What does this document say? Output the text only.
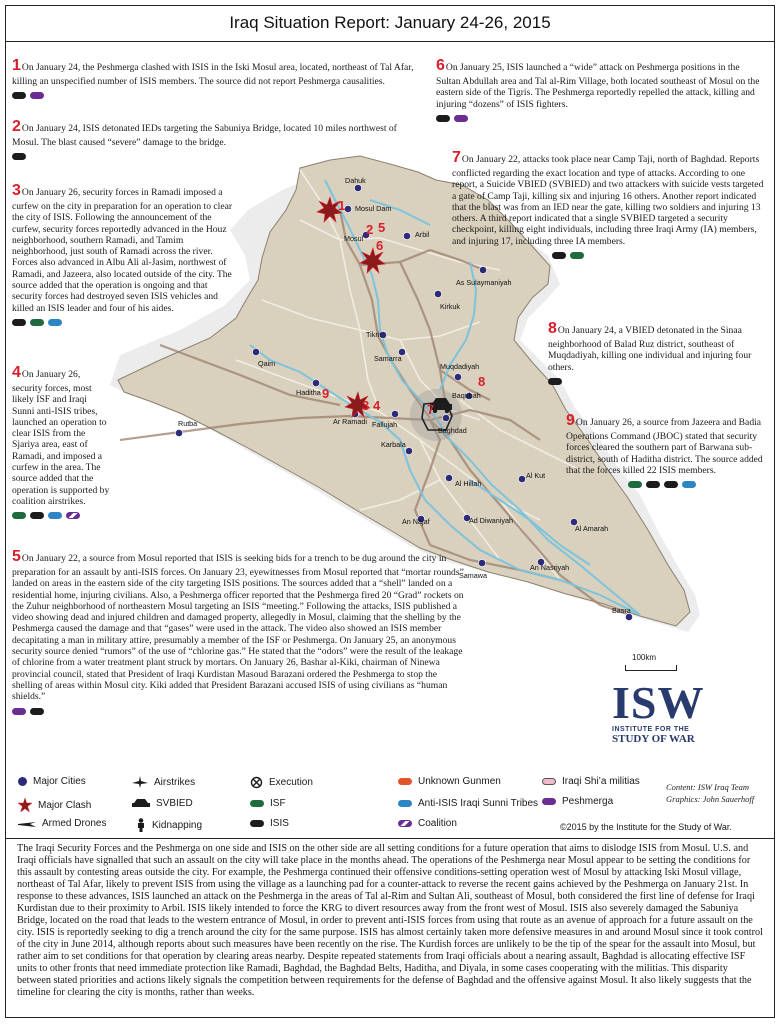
Iraq Situation Report: January 24-26, 2015
Dahuk
Mosul Dam
Mosul	Arbil
As Sulaymaniyah
Kirkuk
Tikrit
Samarra
Muqdadiyah
Baqubah
Baghdad
Fallujah
Ar Ramadi
Haditha
Qaim
Rutba
Karbala
Al Hillah
Al Kut
An Najaf	Ad Diwaniyah
Al Amarah
Samawa
An Nasriyah
Basra
1
2 5
6
3 4	7
8
9
1On January 24, the Peshmerga clashed with ISIS in the Iski Mosul area, located, northeast of Tal Afar, killing an unspecified number of ISIS members. The source did not report Peshmerga causalities.
2On January 24, ISIS detonated IEDs targeting the Sabuniya Bridge, located 10 miles northwest of Mosul. The blast caused “severe” damage to the bridge.
3On January 26, security forces in Ramadi imposed a curfew on the city in preparation for an operation to clear the city of ISIS. Following the announcement of the curfew, security forces reportedly advanced in the Houz neighborhood, southern Ramadi, and Tamim neighborhood, just south of Ramadi across the river. Forces also advanced in Albu Ali al-Jasim, northwest of Ramadi, and Jazeera, also located outside of the city. The source added that the operation is ongoing and that security forces had destroyed seven ISIS vehicles and killed an ISIS leader and four of his aides.
4On January 26, security forces, most likely ISF and Iraqi Sunni anti-ISIS tribes, launched an operation to clear ISIS from the Sjariya area, east of Ramadi, and imposed a curfew in the area. The source added that the operation is supported by coalition airstrikes.
5On January 22, a source from Mosul reported that ISIS is seeking bids for a trench to be dug around the city in preparation for an assault by anti-ISIS forces. On January 23, eyewitnesses from Mosul reported that “mortar rounds” landed on areas in the eastern side of the city targeting ISIS positions. The sources added that a “shell” landed on a residential home, injuring civilians. Also, a Peshmerga officer reported that the Peshmerga fired 20 “Grad” rockets on the Zuhur neighborhood of northeastern Mosul targeting an ISIS “meeting.” Following the attacks, ISIS published a video showing dead and injured children and damaged property, allegedly in Mosul, claiming that the shelling by the Peshmerga caused the damage and that “gases” were used in the attack. The video also showed an ISIS member decapitating a man in military attire, presumably a member of the ISF or Peshmerga. On January 25, an anonymous security source denied “rumors” of the use of “chlorine gas.” He stated that the “odors” were the result of the leakage of chlorine from a water treatment plant struck by mortars. On January 26, Bashar al-Kiki, chairman of Ninewa provincial council, stated that President of Iraqi Kurdistan Masoud Barazani ordered the Peshmerga to stop the shelling of areas within Mosul city. Kiki added that President Barazani accused ISIS of using civilians as “human shields.”
6On January 25, ISIS launched a “wide” attack on Peshmerga positions in the Sultan Abdullah area and Tal al-Rim Village, both located southeast of Mosul on the eastern side of the Tigris. The Peshmerga reportedly repelled the attack, killing and injuring “dozens” of ISIS fighters.
7On January 22, attacks took place near Camp Taji, north of Baghdad. Reports conflicted regarding the exact location and type of attacks. According to one report, a Suicide VBIED (SVBIED) and two attackers with suicide vests targeted a gate of Camp Taji, killing six and injuring 16 others. Another report indicated that the blast was from an IED near the gate, killing two soldiers and injuring 13 others. A third report indicated that a single SVBIED targeted a security checkpoint, killing eight individuals, including three Iraqi Army (IA) members, and injuring 17, including three IA members.
8On January 24, a VBIED detonated in the Sinaa neighborhood of Balad Ruz district, southeast of Muqdadiyah, killing one individual and injuring four others.
9On January 26, a source from Jazeera and Badia Operations Command (JBOC) stated that security forces cleared the southern part of Barwana sub-district, south of Haditha district. The source added that the forces killed 22 ISIS members.
100km
ISW
INSTITUTE FOR THE
STUDY OF WAR
Major Cities
Major Clash
Armed Drones
Airstrikes
SVBIED
Kidnapping
Execution
ISF
ISIS
Unknown Gunmen
Anti-ISIS Iraqi Sunni Tribes
Coalition
Iraqi Shi’a militias
Peshmerga
Content: ISW Iraq Team
Graphics: John Sauerhoff
©2015 by the Institute for the Study of War.
The Iraqi Security Forces and the Peshmerga on one side and ISIS on the other side are all setting conditions for a future operation that aims to dislodge ISIS from Mosul. U.S. and Iraqi officials have signalled that such an assault on the city will take place in the months ahead. The operations of the Peshmerga near Mosul appear to be setting the conditions for this assault by contesting areas outside the city. For example, the Peshmerga continued their offensive conditions-setting operation west of Mosul by attacking Iski Mosul village, northeast of Tal Afar, likely to prevent ISIS from using the village as a launching pad for a counter-attack to reverse the recent gains achieved by the Peshmerga on January 21st. In response to these advances, ISIS launched an attack on the Peshmerga in the areas of Tal al-Rim and Sultan Ali, southeast of Mosul, both considered the first line of defense for Iraqi Kurdistan due to their proximity to Arbil. ISIS likely intended to force the KRG to divert resources away from the front west of Mosul. ISIS also severely damaged the Sabuniya Bridge, located on the road that leads to the western entrance of Mosul, in order to prevent anti-ISIS forces from using that route as an avenue of approach for a future assault on the city. ISIS is reportedly seeking to dig a trench around the city for the same purpose. ISIS has almost certainly taken more defensive measures in and around Mosul since it took control of the city in June 2014, although reports about such measures have been recently on the rise. The Kurdish forces are unlikely to be the tip of the spear for the assault into Mosul, but rather aim to set conditions for that operation by clearing areas nearby. Despite repeated statements from Iraqi officials about a nearing assault, Baghdad is allocating effective ISF units to other fronts that need immediate protection like Ramadi, Baghdad, the Baghdad Belts, Haditha, and Diyala, in some cases cooperating with the militias. This disparity between stated priorities and actions likely signals the competition between requirements for the defense of Baghdad and the offensive against Mosul. It also likely suggests that the timeline for clearing the city is months, rather than weeks.
